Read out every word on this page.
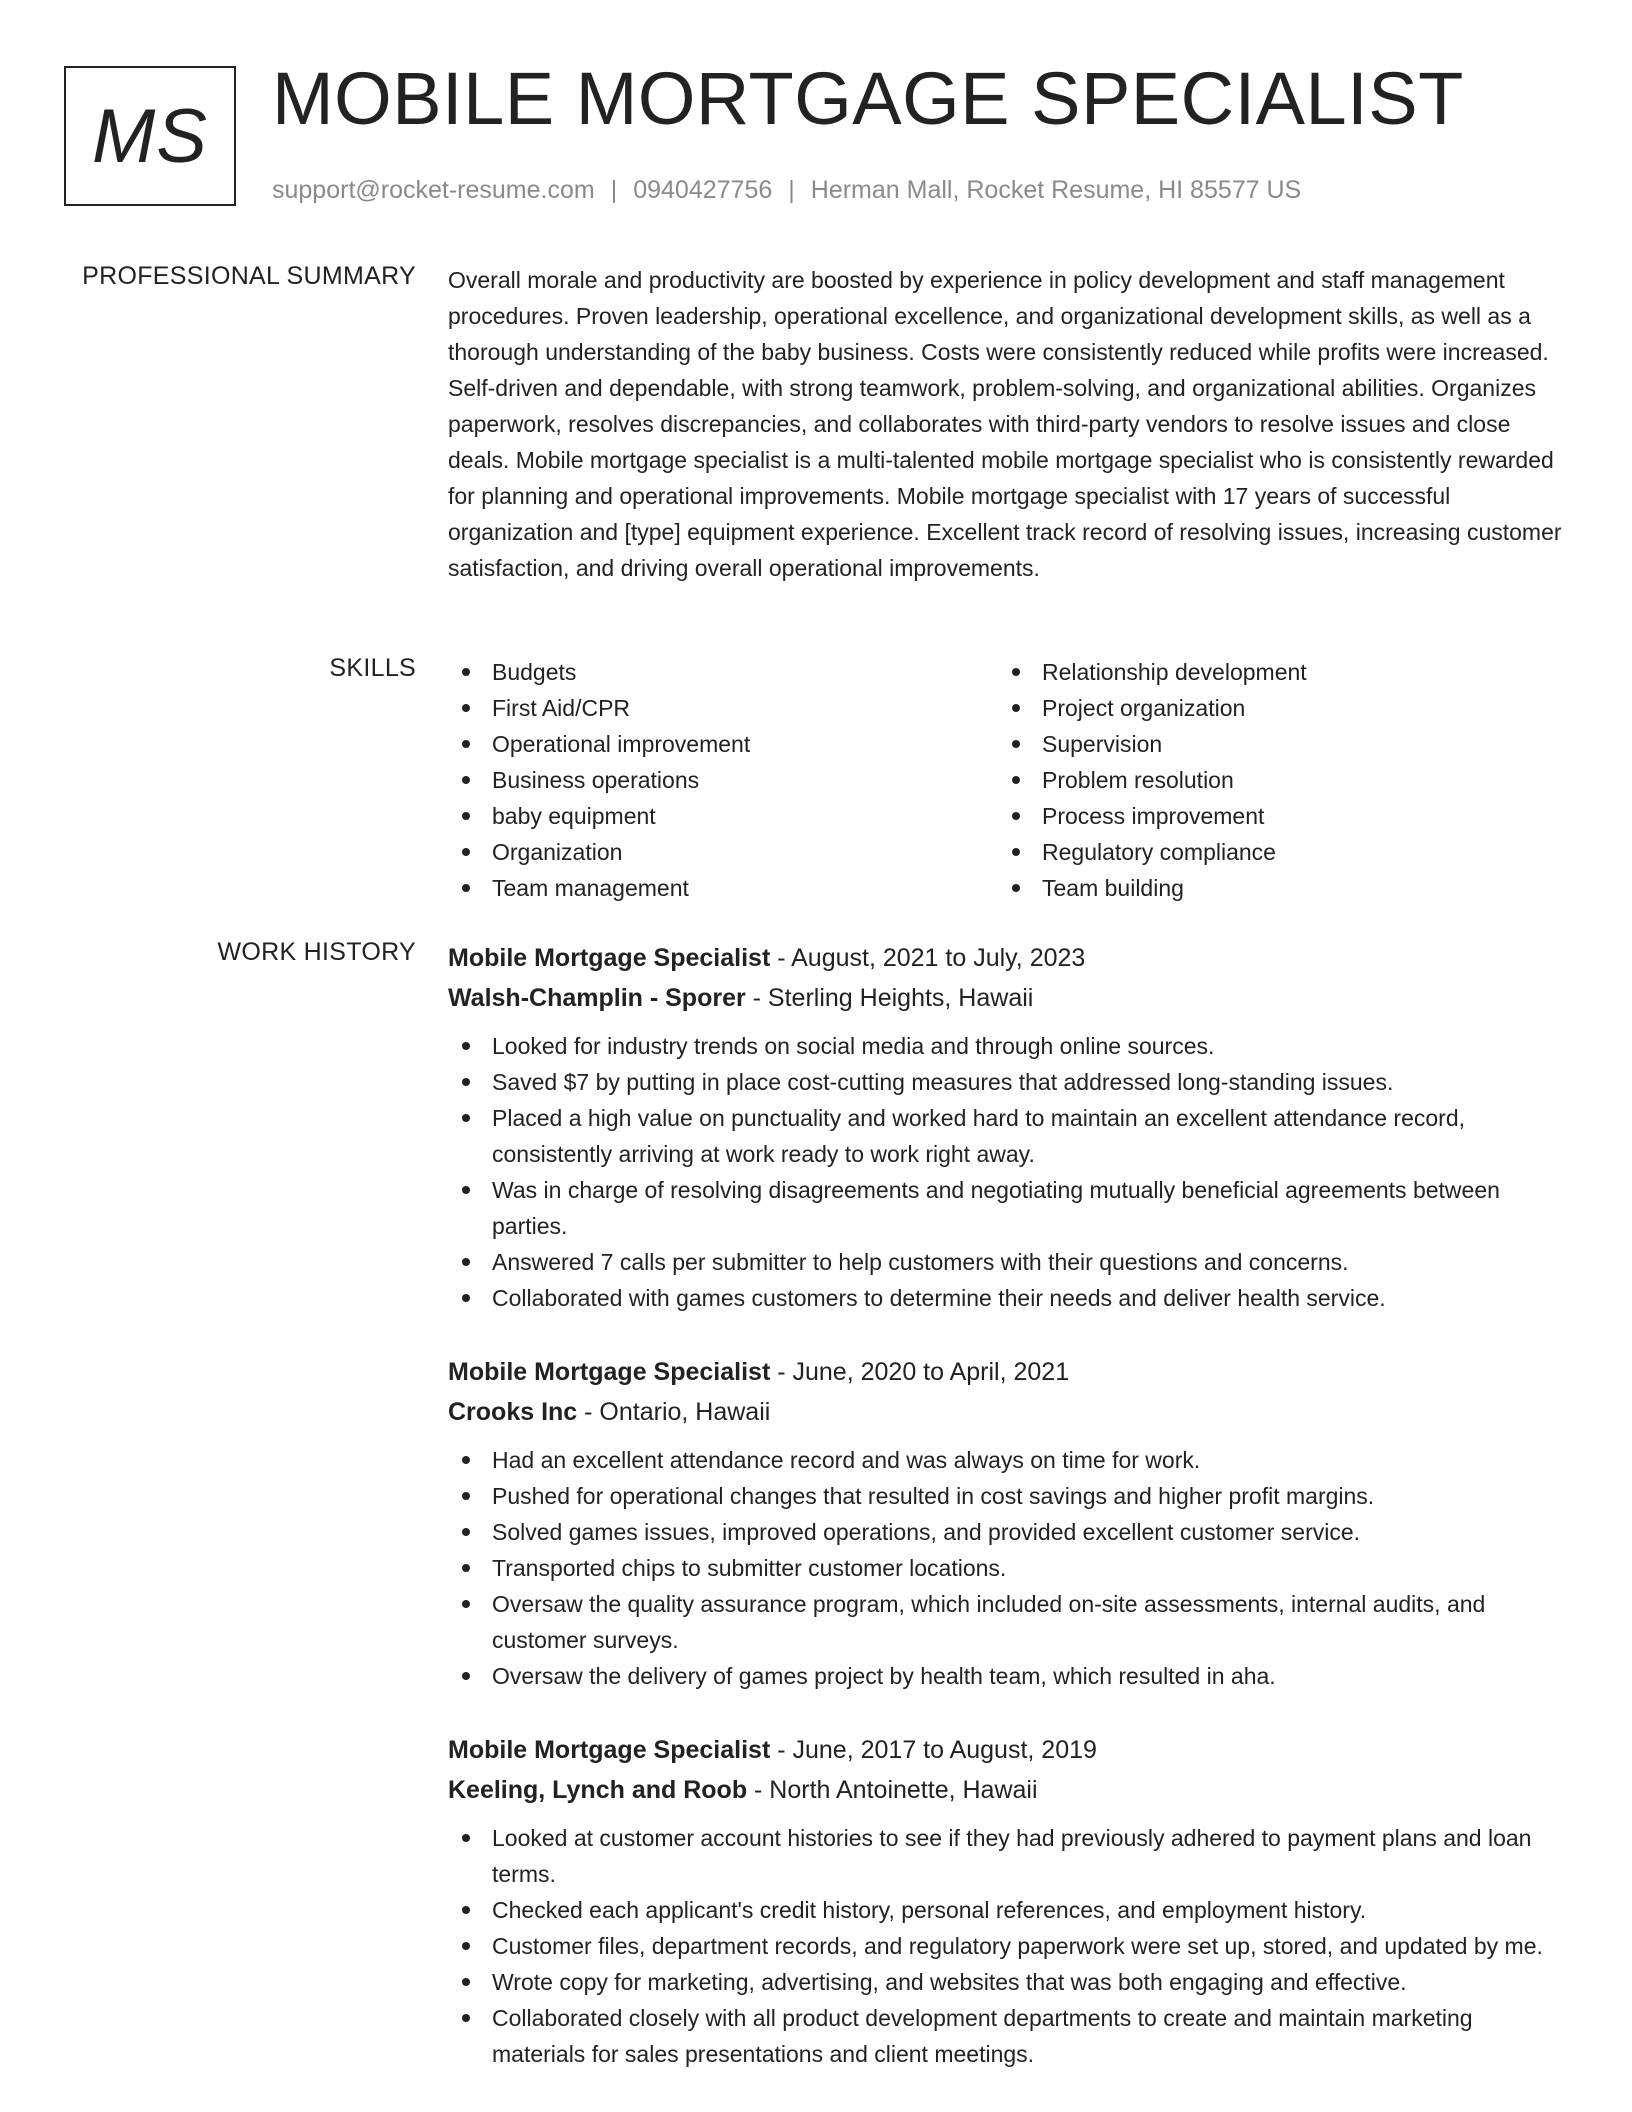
MS MOBILE MORTGAGE SPECIALIST
support@rocket-resume.com | 0940427756 | Herman Mall, Rocket Resume, HI 85577 US
PROFESSIONAL SUMMARY Overall morale and productivity are boosted by experience in policy development and staff management procedures. Proven leadership, operational excellence, and organizational development skills, as well as a thorough understanding of the baby business. Costs were consistently reduced while profits were increased. Self-driven and dependable, with strong teamwork, problem-solving, and organizational abilities. Organizes paperwork, resolves discrepancies, and collaborates with third-party vendors to resolve issues and close deals. Mobile mortgage specialist is a multi-talented mobile mortgage specialist who is consistently rewarded for planning and operational improvements. Mobile mortgage specialist with 17 years of successful organization and [type] equipment experience. Excellent track record of resolving issues, increasing customer satisfaction, and driving overall operational improvements.

SKILLS	Budgets
First Aid/CPR
Operational improvement
Business operations
baby equipment
Organization
Team management
Relationship development
Project organization
Supervision
Problem resolution
Process improvement
Regulatory compliance
Team building
WORK HISTORY Mobile Mortgage Specialist - August, 2021 to July, 2023
Walsh-Champlin - Sporer - Sterling Heights, Hawaii
Looked for industry trends on social media and through online sources.
Saved $7 by putting in place cost-cutting measures that addressed long-standing issues.
Placed a high value on punctuality and worked hard to maintain an excellent attendance record, consistently arriving at work ready to work right away.
Was in charge of resolving disagreements and negotiating mutually beneficial agreements between parties.
Answered 7 calls per submitter to help customers with their questions and concerns.
Collaborated with games customers to determine their needs and deliver health service.
Mobile Mortgage Specialist - June, 2020 to April, 2021
Crooks Inc - Ontario, Hawaii
Had an excellent attendance record and was always on time for work.
Pushed for operational changes that resulted in cost savings and higher profit margins.
Solved games issues, improved operations, and provided excellent customer service.
Transported chips to submitter customer locations.
Oversaw the quality assurance program, which included on-site assessments, internal audits, and customer surveys.
Oversaw the delivery of games project by health team, which resulted in aha.
Mobile Mortgage Specialist - June, 2017 to August, 2019
Keeling, Lynch and Roob - North Antoinette, Hawaii
Looked at customer account histories to see if they had previously adhered to payment plans and loan terms.
Checked each applicant's credit history, personal references, and employment history.
Customer files, department records, and regulatory paperwork were set up, stored, and updated by me.
Wrote copy for marketing, advertising, and websites that was both engaging and effective.
Collaborated closely with all product development departments to create and maintain marketing materials for sales presentations and client meetings.
